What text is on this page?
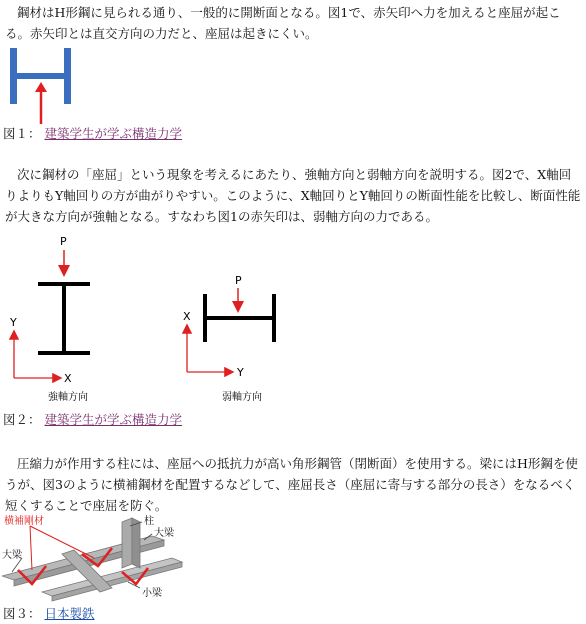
鋼材はH形鋼に見られる通り、一般的に開断面となる。図1で、赤矢印へ力を加えると座屈が起こる。赤矢印とは直交方向の力だと、座屈は起きにくい。

図１： 建築学生が学ぶ構造力学

次に鋼材の「座屈」という現象を考えるにあたり、強軸方向と弱軸方向を説明する。図2で、X軸回りよりもY軸回りの方が曲がりやすい。このように、X軸回りとY軸回りの断面性能を比較し、断面性能が大きな方向が強軸となる。すなわち図1の赤矢印は、弱軸方向の力である。

P
Y
X
強軸方向
P
X
Y
弱軸方向
図２： 建築学生が学ぶ構造力学

圧縮力が作用する柱には、座屈への抵抗力が高い角形鋼管（閉断面）を使用する。梁にはH形鋼を使うが、図3のように横補鋼材を配置するなどして、座屈長さ（座屈に寄与する部分の長さ）をなるべく短くすることで座屈を防ぐ。

横補剛材	柱
大梁
大梁
小梁
図３： 日本製鉄
